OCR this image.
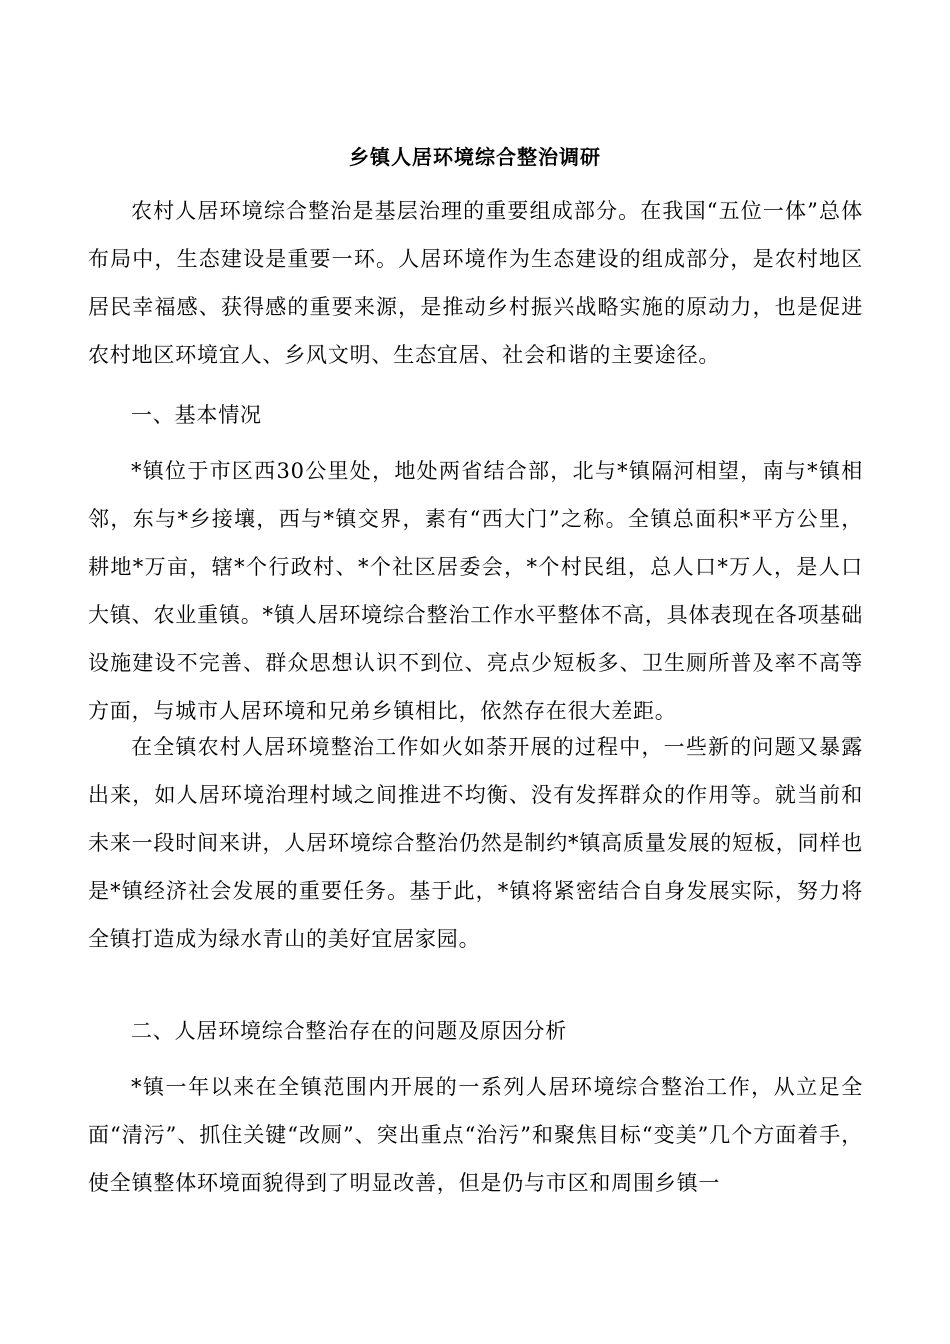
乡镇人居环境综合整治调研

农村人居环境综合整治是基层治理的重要组成部分。在我国“五位一体”总体布局中，生态建设是重要一环。人居环境作为生态建设的组成部分，是农村地区居民幸福感、获得感的重要来源，是推动乡村振兴战略实施的原动力，也是促进农村地区环境宜人、乡风文明、生态宜居、社会和谐的主要途径。

一、基本情况

*镇位于市区西30公里处，地处两省结合部，北与*镇隔河相望，南与*镇相邻，东与*乡接壤，西与*镇交界，素有“西大门”之称。全镇总面积*平方公里，耕地*万亩，辖*个行政村、*个社区居委会，*个村民组，总人口*万人，是人口大镇、农业重镇。*镇人居环境综合整治工作水平整体不高，具体表现在各项基础设施建设不完善、群众思想认识不到位、亮点少短板多、卫生厕所普及率不高等方面，与城市人居环境和兄弟乡镇相比，依然存在很大差距。

在全镇农村人居环境整治工作如火如荼开展的过程中，一些新的问题又暴露出来，如人居环境治理村域之间推进不均衡、没有发挥群众的作用等。就当前和未来一段时间来讲，人居环境综合整治仍然是制约*镇高质量发展的短板，同样也是*镇经济社会发展的重要任务。基于此，*镇将紧密结合自身发展实际，努力将全镇打造成为绿水青山的美好宜居家园。

二、人居环境综合整治存在的问题及原因分析

*镇一年以来在全镇范围内开展的一系列人居环境综合整治工作，从立足全面“清污”、抓住关键“改厕”、突出重点“治污”和聚焦目标“变美”几个方面着手，使全镇整体环境面貌得到了明显改善，但是仍与市区和周围乡镇一
